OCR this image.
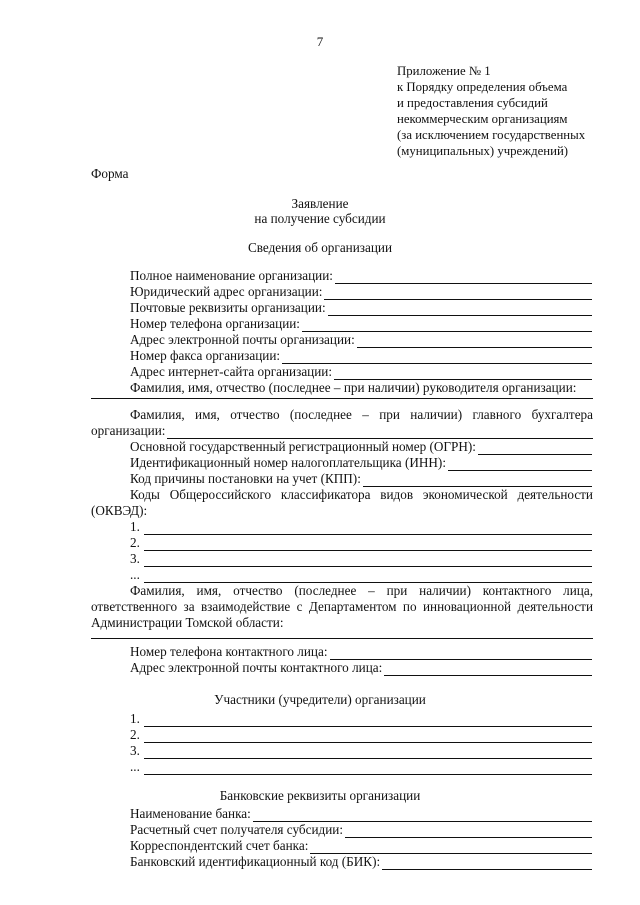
7
Приложение № 1
к Порядку определения объема
и предоставления субсидий
некоммерческим организациям
(за исключением государственных
(муниципальных) учреждений)
Форма
Заявление
на получение субсидии
Сведения об организации
Полное наименование организации:
Юридический адрес организации:
Почтовые реквизиты организации:
Номер телефона организации:
Адрес электронной почты организации:
Номер факса организации:
Адрес интернет-сайта организации:
Фамилия, имя, отчество (последнее – при наличии) руководителя организации:
Фамилия, имя, отчество (последнее – при наличии) главного бухгалтера
организации:
Основной государственный регистрационный номер (ОГРН):
Идентификационный номер налогоплательщика (ИНН):
Код причины постановки на учет (КПП):
Коды Общероссийского классификатора видов экономической деятельности
(ОКВЭД):
1.
2.
3.
...
Фамилия, имя, отчество (последнее – при наличии) контактного лица,
ответственного за взаимодействие с Департаментом по инновационной деятельности
Администрации Томской области:
Номер телефона контактного лица:
Адрес электронной почты контактного лица:
Участники (учредители) организации
1.
2.
3.
...
Банковские реквизиты организации
Наименование банка:
Расчетный счет получателя субсидии:
Корреспондентский счет банка:
Банковский идентификационный код (БИК):
